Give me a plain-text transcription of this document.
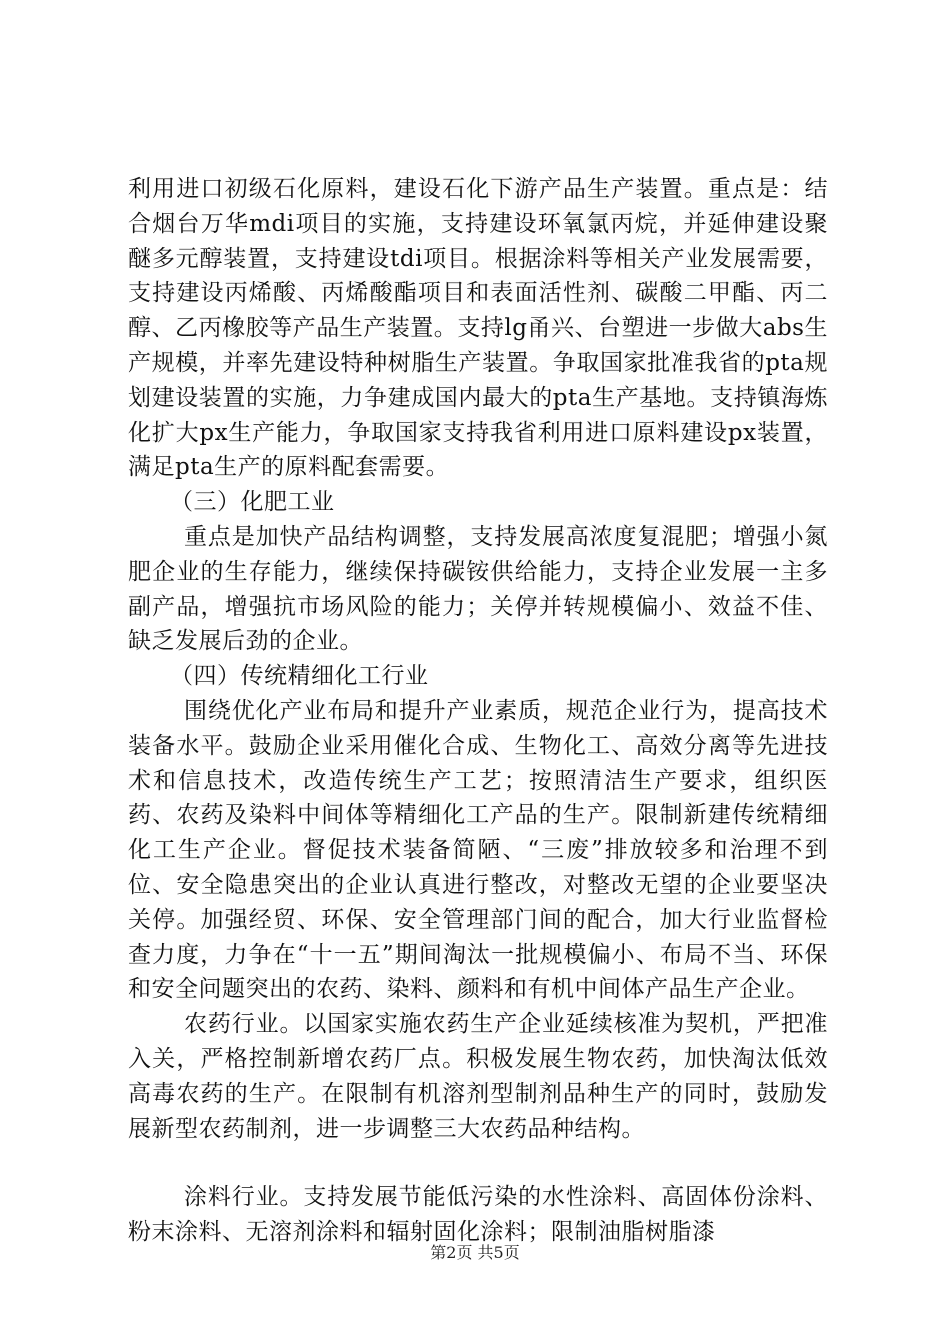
利用进口初级石化原料，建设石化下游产品生产装置。重点是：结合烟台万华mdi项目的实施，支持建设环氧氯丙烷，并延伸建设聚醚多元醇装置，支持建设tdi项目。根据涂料等相关产业发展需要，支持建设丙烯酸、丙烯酸酯项目和表面活性剂、碳酸二甲酯、丙二醇、乙丙橡胶等产品生产装置。支持lg甬兴、台塑进一步做大abs生产规模，并率先建设特种树脂生产装置。争取国家批准我省的pta规划建设装置的实施，力争建成国内最大的pta生产基地。支持镇海炼化扩大px生产能力，争取国家支持我省利用进口原料建设px装置，满足pta生产的原料配套需要。

（三）化肥工业

重点是加快产品结构调整，支持发展高浓度复混肥；增强小氮肥企业的生存能力，继续保持碳铵供给能力，支持企业发展一主多副产品，增强抗市场风险的能力；关停并转规模偏小、效益不佳、缺乏发展后劲的企业。

（四）传统精细化工行业

围绕优化产业布局和提升产业素质，规范企业行为，提高技术装备水平。鼓励企业采用催化合成、生物化工、高效分离等先进技术和信息技术，改造传统生产工艺；按照清洁生产要求，组织医药、农药及染料中间体等精细化工产品的生产。限制新建传统精细化工生产企业。督促技术装备简陋、“三废”排放较多和治理不到位、安全隐患突出的企业认真进行整改，对整改无望的企业要坚决关停。加强经贸、环保、安全管理部门间的配合，加大行业监督检查力度，力争在“十一五”期间淘汰一批规模偏小、布局不当、环保和安全问题突出的农药、染料、颜料和有机中间体产品生产企业。

农药行业。以国家实施农药生产企业延续核准为契机，严把准入关，严格控制新增农药厂点。积极发展生物农药，加快淘汰低效高毒农药的生产。在限制有机溶剂型制剂品种生产的同时，鼓励发展新型农药制剂，进一步调整三大农药品种结构。

涂料行业。支持发展节能低污染的水性涂料、高固体份涂料、粉末涂料、无溶剂涂料和辐射固化涂料；限制油脂树脂漆

第2页 共5页
